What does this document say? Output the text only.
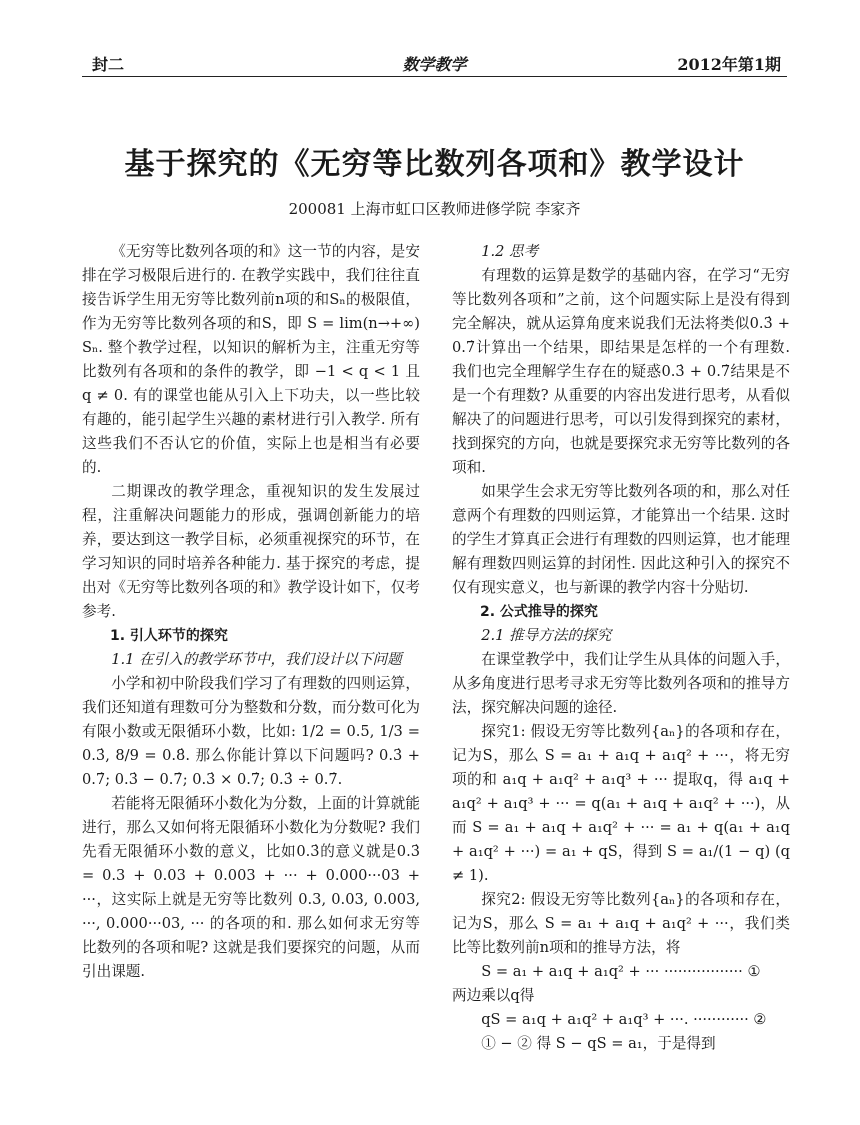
封二	数学教学	2012年第1期
基于探究的《无穷等比数列各项和》教学设计
200081 上海市虹口区教师进修学院 李家齐

《无穷等比数列各项的和》这一节的内容，是安排在学习极限后进行的. 在教学实践中，我们往往直接告诉学生用无穷等比数列前n项的和Sₙ的极限值，作为无穷等比数列各项的和S，即 S = lim(n→+∞) Sₙ. 整个教学过程，以知识的解析为主，注重无穷等比数列有各项和的条件的教学，即 −1 < q < 1 且 q ≠ 0. 有的课堂也能从引入上下功夫，以一些比较有趣的，能引起学生兴趣的素材进行引入教学. 所有这些我们不否认它的价值，实际上也是相当有必要的.

二期课改的教学理念，重视知识的发生发展过程，注重解决问题能力的形成，强调创新能力的培养，要达到这一教学目标，必须重视探究的环节，在学习知识的同时培养各种能力. 基于探究的考虑，提出对《无穷等比数列各项的和》教学设计如下，仅考参考.

1. 引人环节的探究

1.1 在引入的教学环节中，我们设计以下问题

小学和初中阶段我们学习了有理数的四则运算，我们还知道有理数可分为整数和分数，而分数可化为有限小数或无限循环小数，比如: 1/2 = 0.5, 1/3 = 0.3̇, 8/9 = 0.8̇. 那么你能计算以下问题吗? 0.3̇ + 0.7̇; 0.3̇ − 0.7̇; 0.3̇ × 0.7̇; 0.3̇ ÷ 0.7̇.

若能将无限循环小数化为分数，上面的计算就能进行，那么又如何将无限循环小数化为分数呢? 我们先看无限循环小数的意义，比如0.3̇的意义就是0.3̇ = 0.3 + 0.03 + 0.003 + ··· + 0.000···03 + ···，这实际上就是无穷等比数列 0.3, 0.03, 0.003, ···, 0.000···03, ··· 的各项的和. 那么如何求无穷等比数列的各项和呢? 这就是我们要探究的问题，从而引出课题.

1.2 思考

有理数的运算是数学的基础内容，在学习“无穷等比数列各项和”之前，这个问题实际上是没有得到完全解决，就从运算角度来说我们无法将类似0.3̇ + 0.7̇计算出一个结果，即结果是怎样的一个有理数. 我们也完全理解学生存在的疑惑0.3̇ + 0.7̇结果是不是一个有理数? 从重要的内容出发进行思考，从看似解决了的问题进行思考，可以引发得到探究的素材，找到探究的方向，也就是要探究求无穷等比数列的各项和.

如果学生会求无穷等比数列各项的和，那么对任意两个有理数的四则运算，才能算出一个结果. 这时的学生才算真正会进行有理数的四则运算，也才能理解有理数四则运算的封闭性. 因此这种引入的探究不仅有现实意义，也与新课的教学内容十分贴切.

2. 公式推导的探究

2.1 推导方法的探究

在课堂教学中，我们让学生从具体的问题入手，从多角度进行思考寻求无穷等比数列各项和的推导方法，探究解决问题的途径.

探究1: 假设无穷等比数列{aₙ}的各项和存在，记为S，那么 S = a₁ + a₁q + a₁q² + ···，将无穷项的和 a₁q + a₁q² + a₁q³ + ··· 提取q，得 a₁q + a₁q² + a₁q³ + ··· = q(a₁ + a₁q + a₁q² + ···)，从而 S = a₁ + a₁q + a₁q² + ··· = a₁ + q(a₁ + a₁q + a₁q² + ···) = a₁ + qS，得到 S = a₁/(1 − q) (q ≠ 1).

探究2: 假设无穷等比数列{aₙ}的各项和存在，记为S，那么 S = a₁ + a₁q + a₁q² + ···，我们类比等比数列前n项和的推导方法，将

S = a₁ + a₁q + a₁q² + ··· ················· ①

两边乘以q得

qS = a₁q + a₁q² + a₁q³ + ···. ············ ②

① − ② 得 S − qS = a₁，于是得到
